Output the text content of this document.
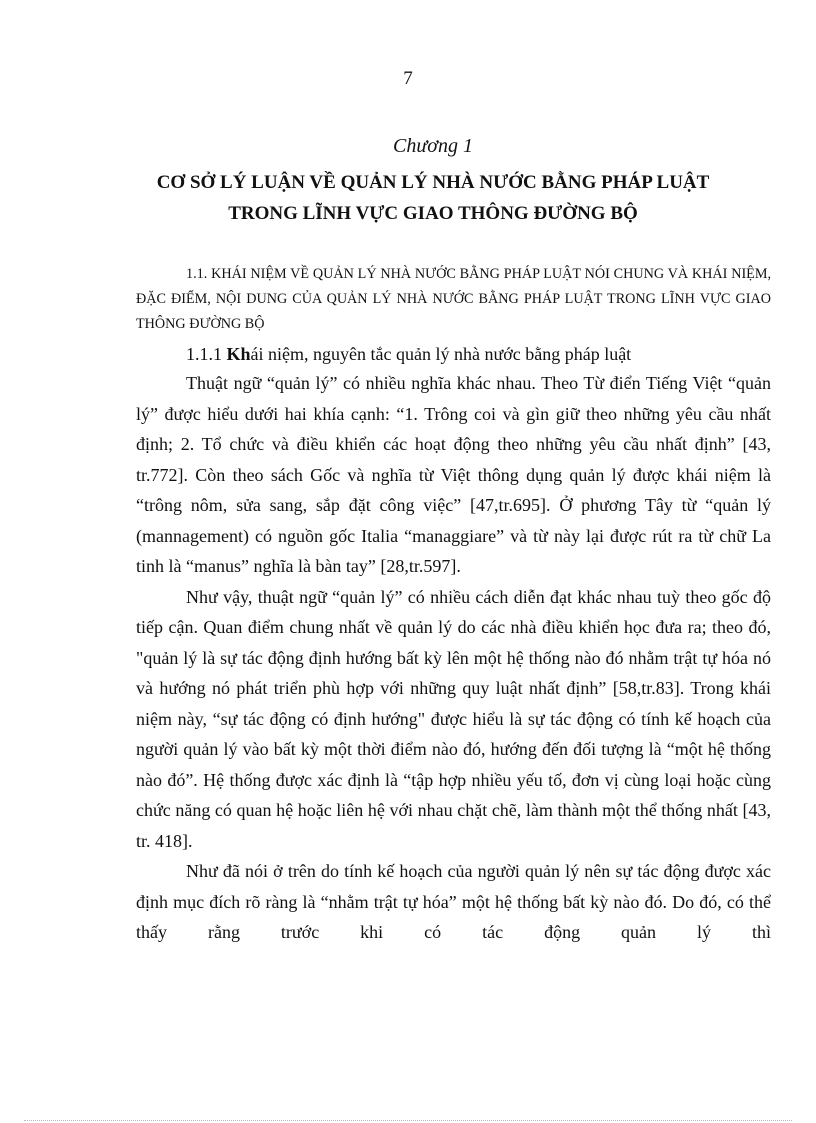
7
Chương 1
CƠ SỞ LÝ LUẬN VỀ QUẢN LÝ NHÀ NƯỚC BẰNG PHÁP LUẬT
TRONG LĨNH VỰC GIAO THÔNG ĐƯỜNG BỘ
1.1. KHÁI NIỆM VỀ QUẢN LÝ NHÀ NƯỚC BẰNG PHÁP LUẬT NÓI CHUNG VÀ KHÁI NIỆM, ĐẶC ĐIỂM, NỘI DUNG CỦA QUẢN LÝ NHÀ NƯỚC BẰNG PHÁP LUẬT TRONG LĨNH VỰC GIAO THÔNG ĐƯỜNG BỘ
1.1.1 Khái niệm, nguyên tắc quản lý nhà nước bằng pháp luật

Thuật ngữ “quản lý” có nhiều nghĩa khác nhau. Theo Từ điển Tiếng Việt “quản lý” được hiểu dưới hai khía cạnh: “1. Trông coi và gìn giữ theo những yêu cầu nhất định; 2. Tổ chức và điều khiển các hoạt động theo những yêu cầu nhất định” [43, tr.772]. Còn theo sách Gốc và nghĩa từ Việt thông dụng quản lý được khái niệm là “trông nôm, sửa sang, sắp đặt công việc” [47,tr.695]. Ở phương Tây từ “quản lý (mannagement) có nguồn gốc Italia “managgiare” và từ này lại được rút ra từ chữ La tinh là “manus” nghĩa là bàn tay” [28,tr.597].

Như vậy, thuật ngữ “quản lý” có nhiều cách diễn đạt khác nhau tuỳ theo gốc độ tiếp cận. Quan điểm chung nhất về quản lý do các nhà điều khiển học đưa ra; theo đó, "quản lý là sự tác động định hướng bất kỳ lên một hệ thống nào đó nhằm trật tự hóa nó và hướng nó phát triển phù hợp với những quy luật nhất định” [58,tr.83]. Trong khái niệm này, “sự tác động có định hướng" được hiểu là sự tác động có tính kế hoạch của người quản lý vào bất kỳ một thời điểm nào đó, hướng đến đối tượng là “một hệ thống nào đó”. Hệ thống được xác định là “tập hợp nhiều yếu tố, đơn vị cùng loại hoặc cùng chức năng có quan hệ hoặc liên hệ với nhau chặt chẽ, làm thành một thể thống nhất [43, tr. 418].

Như đã nói ở trên do tính kế hoạch của người quản lý nên sự tác động được xác định mục đích rõ ràng là “nhằm trật tự hóa” một hệ thống bất kỳ nào đó. Do đó, có thể thấy rằng trước khi có tác động quản lý thì
